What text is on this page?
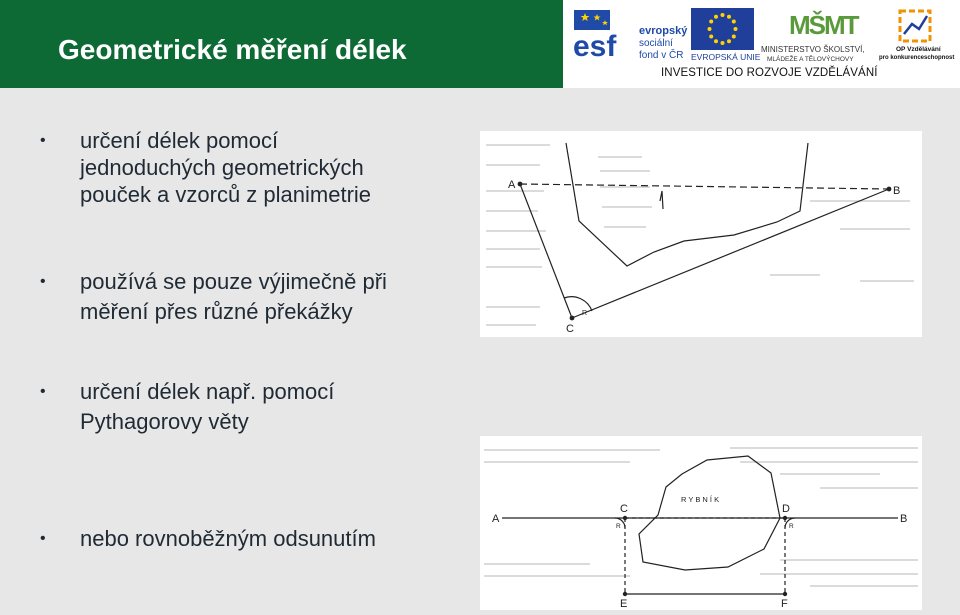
Geometrické měření délek	esf evropský
sociální
fond v ČR EVROPSKÁ UNIE
MŠMT
MINISTERSTVO ŠKOLSTVÍ,
MLÁDEŽE A TĚLOVÝCHOVY
OP Vzdělávání
pro konkurenceschopnost
INVESTICE DO ROZVOJE VZDĚLÁVÁNÍ
• určení délek pomocí
jednoduchých geometrických
pouček a vzorců z planimetrie
• používá se pouze výjimečně při
měření přes různé překážky
• určení délek např. pomocí
Pythagorovy věty
• nebo rovnoběžným odsunutím
A	B
C
R
R Y B N Í K
A	B
C	D
E	F
R	R
